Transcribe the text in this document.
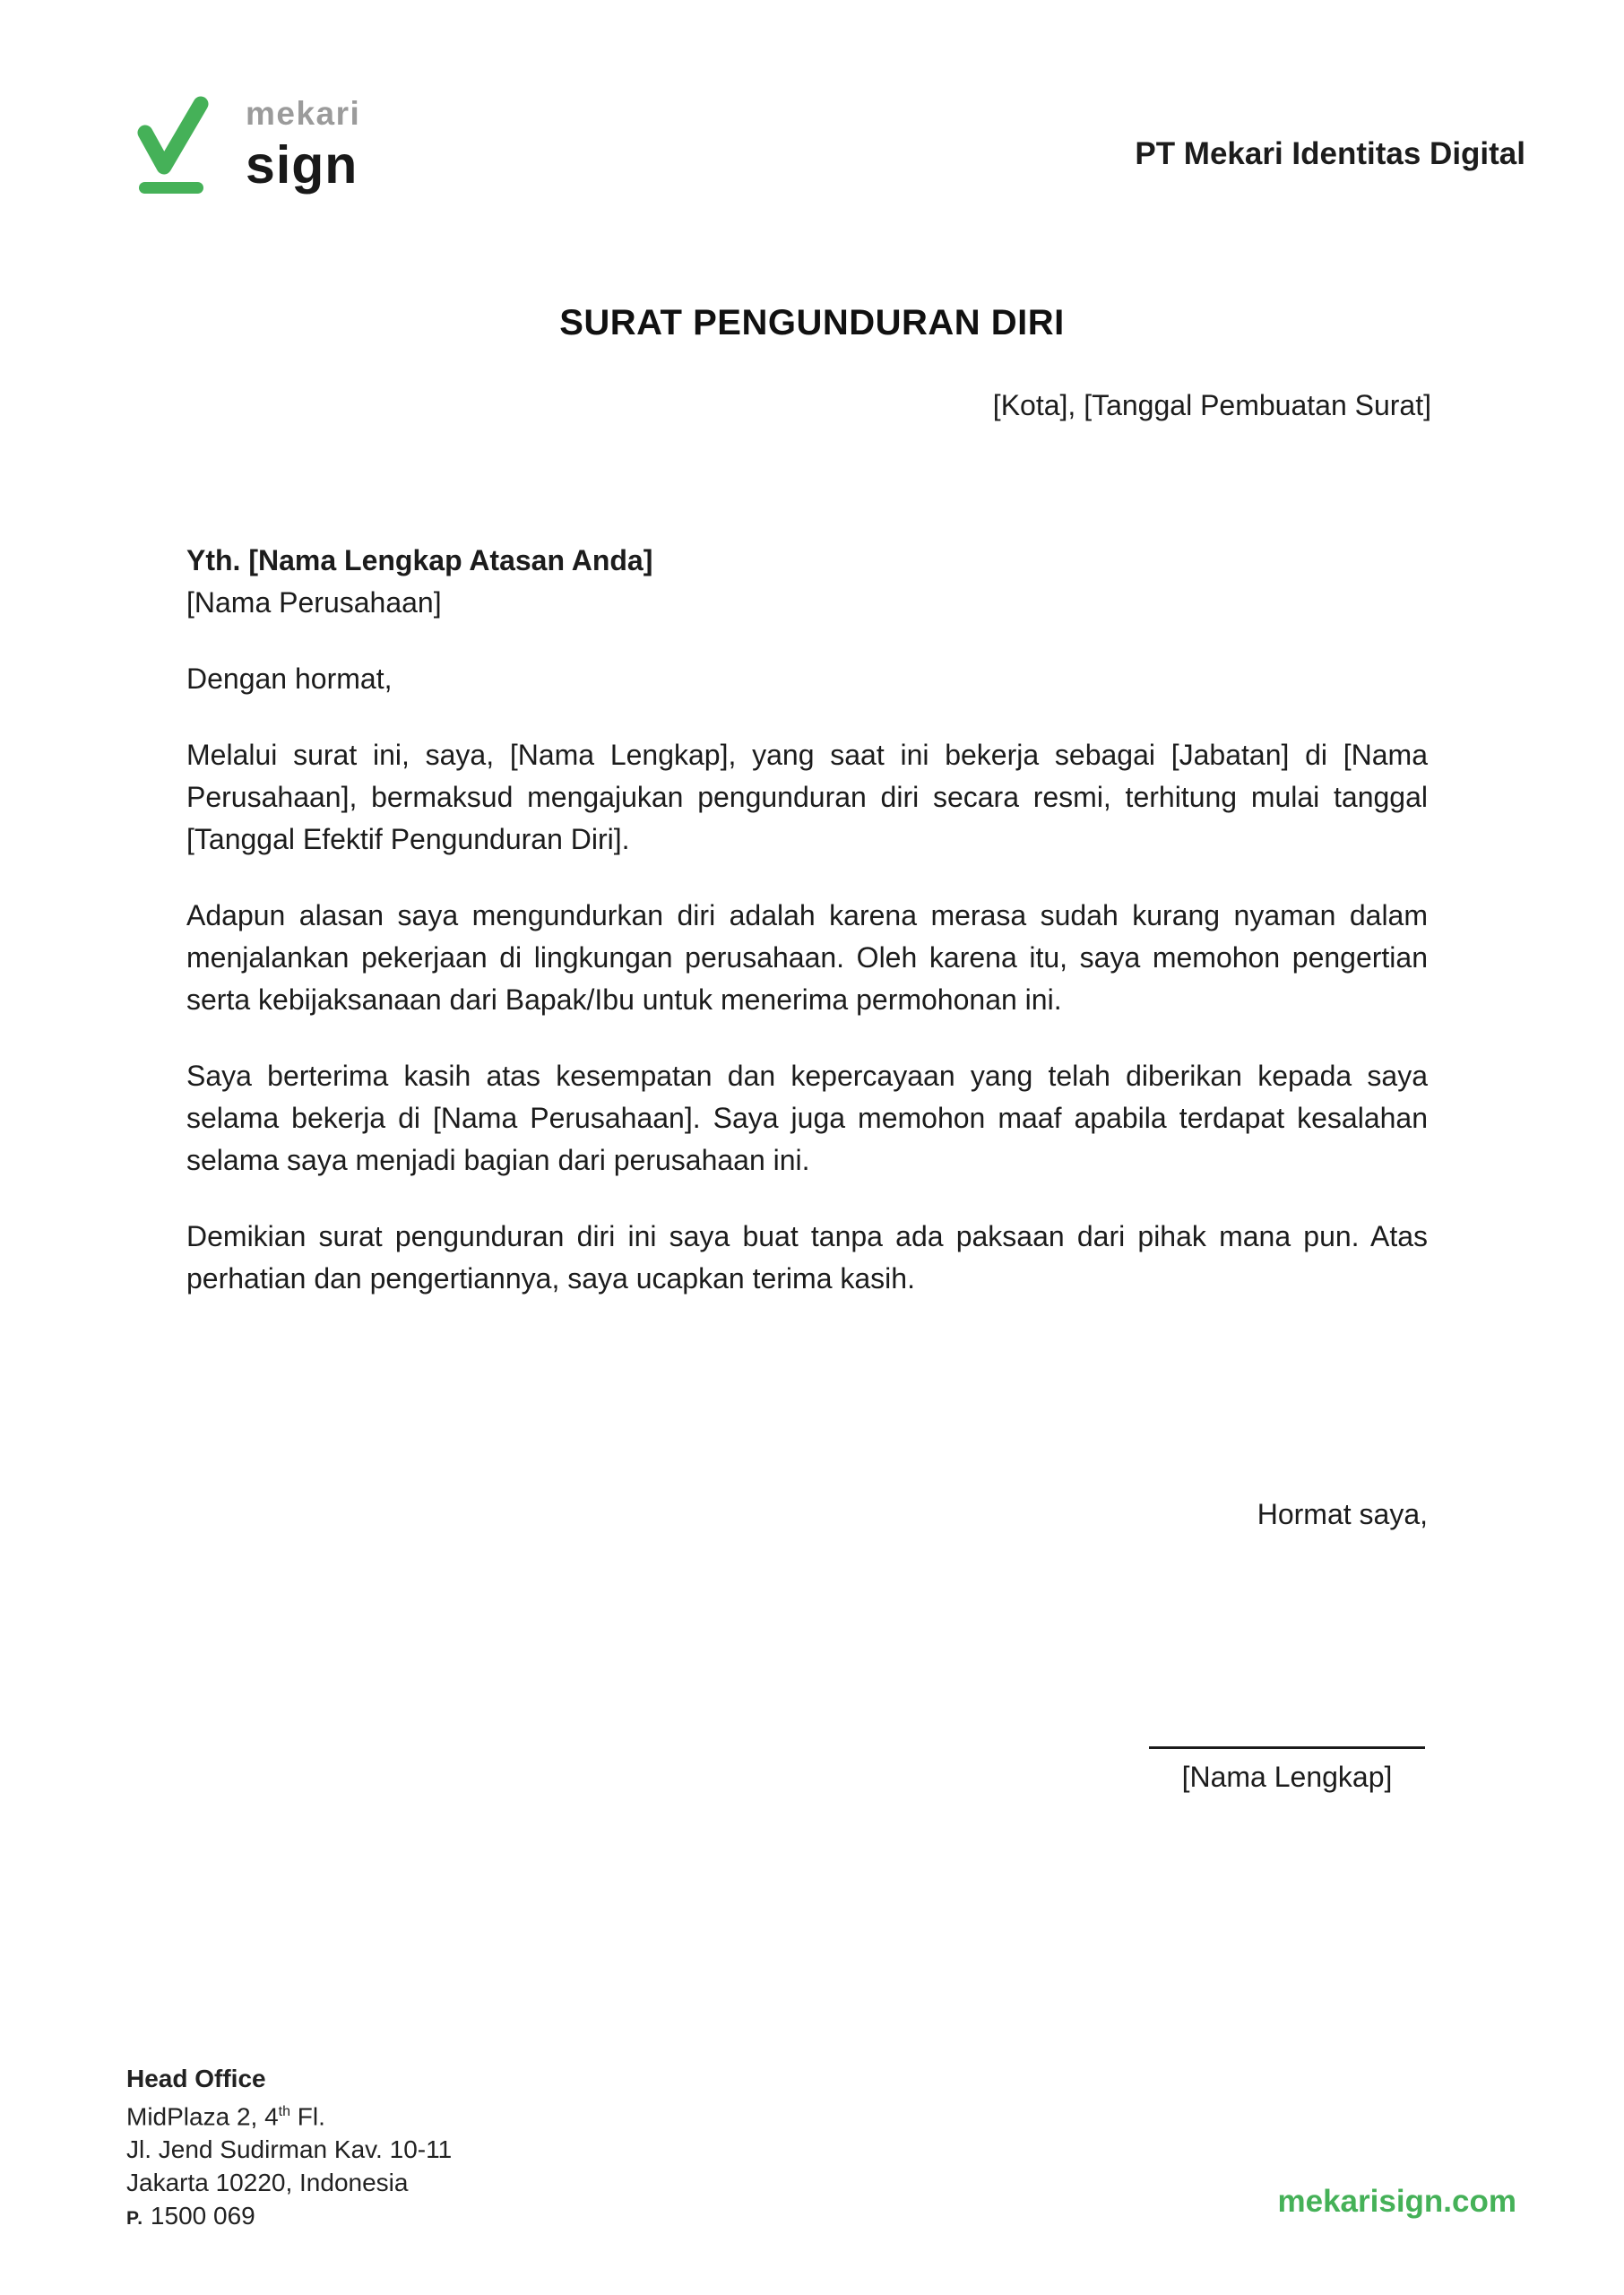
mekari
sign	PT Mekari Identitas Digital
SURAT PENGUNDURAN DIRI
[Kota], [Tanggal Pembuatan Surat]
Yth. [Nama Lengkap Atasan Anda]
[Nama Perusahaan]

Dengan hormat,

Melalui surat ini, saya, [Nama Lengkap], yang saat ini bekerja sebagai [Jabatan] di [Nama Perusahaan], bermaksud mengajukan pengunduran diri secara resmi, terhitung mulai tanggal [Tanggal Efektif Pengunduran Diri].

Adapun alasan saya mengundurkan diri adalah karena merasa sudah kurang nyaman dalam menjalankan pekerjaan di lingkungan perusahaan. Oleh karena itu, saya memohon pengertian serta kebijaksanaan dari Bapak/Ibu untuk menerima permohonan ini.

Saya berterima kasih atas kesempatan dan kepercayaan yang telah diberikan kepada saya selama bekerja di [Nama Perusahaan]. Saya juga memohon maaf apabila terdapat kesalahan selama saya menjadi bagian dari perusahaan ini.

Demikian surat pengunduran diri ini saya buat tanpa ada paksaan dari pihak mana pun. Atas perhatian dan pengertiannya, saya ucapkan terima kasih.

Hormat saya,
[Nama Lengkap]
Head Office
MidPlaza 2, 4th Fl.
Jl. Jend Sudirman Kav. 10-11
Jakarta 10220, Indonesia
P. 1500 069	mekarisign.com
